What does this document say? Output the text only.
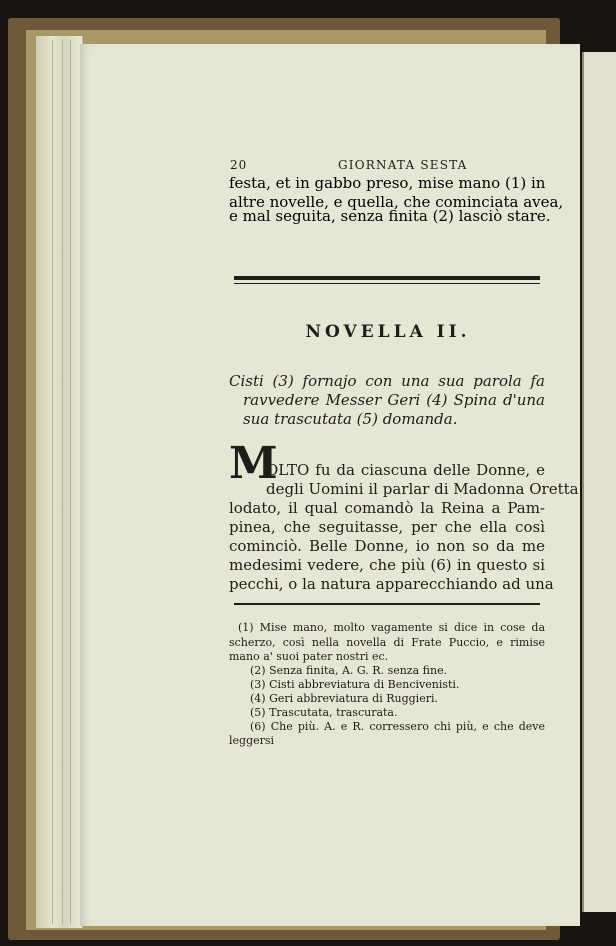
20	GIORNATA SESTA
festa, et in gabbo preso, mise mano (1) in
altre novelle, e quella, che cominciata avea,
e mal seguita, senza finita (2) lasciò stare.
NOVELLA II.
Cisti (3) fornajo con una sua parola fa
ravvedere Messer Geri (4) Spina d'una
sua trascutata (5) domanda.
M
OLTO fu da ciascuna delle Donne, e
degli Uomini il parlar di Madonna Oretta
lodato, il qual comandò la Reina a Pam-
pinea, che seguitasse, per che ella così
cominciò. Belle Donne, io non so da me
medesimi vedere, che più (6) in questo si
pecchi, o la natura apparecchiando ad una
(1) Mise mano, molto vagamente si dice in cose da
scherzo, così nella novella di Frate Puccio, e rimise
mano a' suoi pater nostri ec.
(2) Senza finita, A. G. R. senza fine.
(3) Cisti abbreviatura di Bencivenisti.
(4) Geri abbreviatura di Ruggieri.
(5) Trascutata, trascurata.
(6) Che più. A. e R. corressero chi più, e che deve
leggersi
